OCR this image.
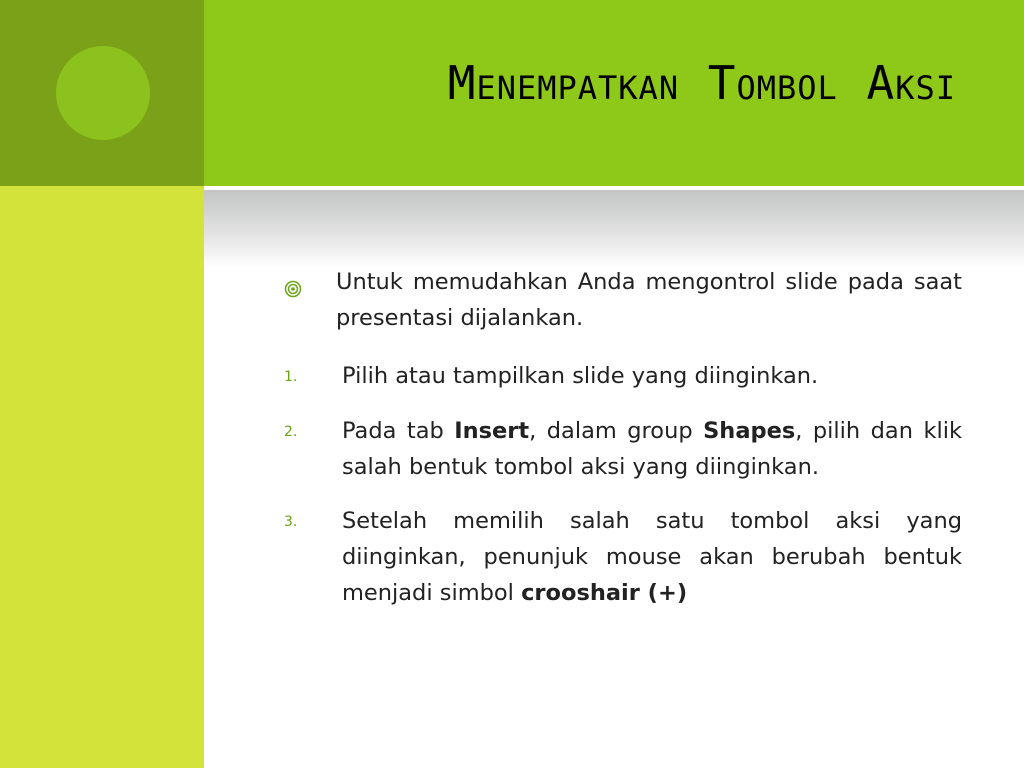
Menempatkan Tombol Aksi
Untuk memudahkan Anda mengontrol slide pada saat presentasi dijalankan.
1.	Pilih atau tampilkan slide yang diinginkan.
2.	Pada tab Insert, dalam group Shapes, pilih dan klik salah bentuk tombol aksi yang diinginkan.
3.	Setelah memilih salah satu tombol aksi yang diinginkan, penunjuk mouse akan berubah bentuk menjadi simbol crooshair (+)
